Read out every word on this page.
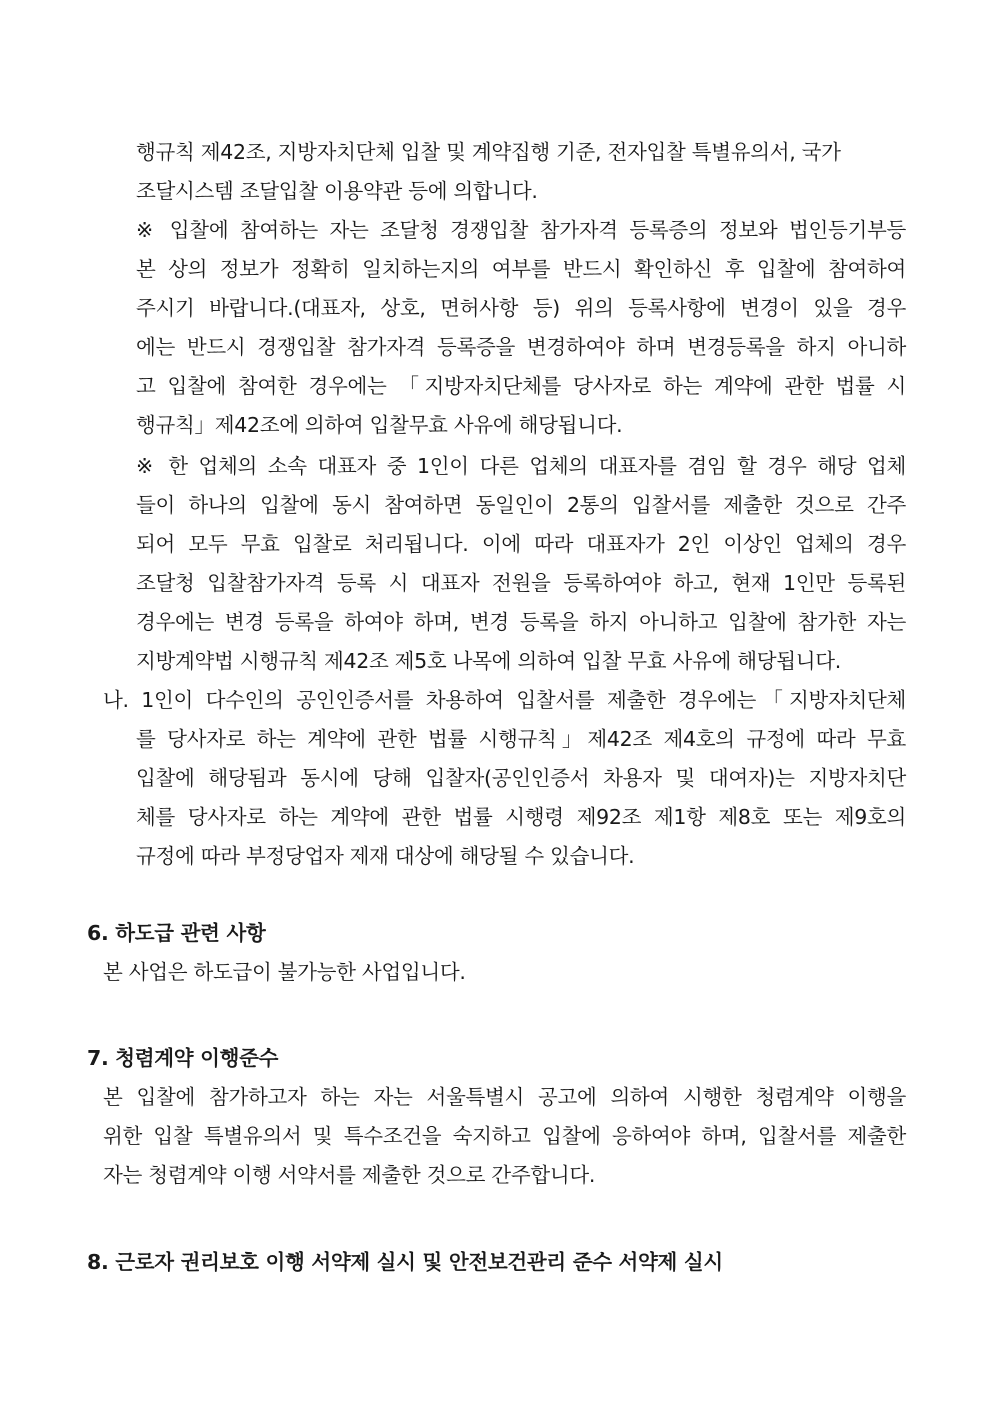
행규칙 제42조, 지방자치단체 입찰 및 계약집행 기준, 전자입찰 특별유의서, 국가
조달시스템 조달입찰 이용약관 등에 의합니다.
※ 입찰에 참여하는 자는 조달청 경쟁입찰 참가자격 등록증의 정보와 법인등기부등
본 상의 정보가 정확히 일치하는지의 여부를 반드시 확인하신 후 입찰에 참여하여
주시기 바랍니다.(대표자, 상호, 면허사항 등) 위의 등록사항에 변경이 있을 경우
에는 반드시 경쟁입찰 참가자격 등록증을 변경하여야 하며 변경등록을 하지 아니하
고 입찰에 참여한 경우에는 「지방자치단체를 당사자로 하는 계약에 관한 법률 시
행규칙」제42조에 의하여 입찰무효 사유에 해당됩니다.
※ 한 업체의 소속 대표자 중 1인이 다른 업체의 대표자를 겸임 할 경우 해당 업체
들이 하나의 입찰에 동시 참여하면 동일인이 2통의 입찰서를 제출한 것으로 간주
되어 모두 무효 입찰로 처리됩니다. 이에 따라 대표자가 2인 이상인 업체의 경우
조달청 입찰참가자격 등록 시 대표자 전원을 등록하여야 하고, 현재 1인만 등록된
경우에는 변경 등록을 하여야 하며, 변경 등록을 하지 아니하고 입찰에 참가한 자는
지방계약법 시행규칙 제42조 제5호 나목에 의하여 입찰 무효 사유에 해당됩니다.
나. 1인이 다수인의 공인인증서를 차용하여 입찰서를 제출한 경우에는「지방자치단체
를 당사자로 하는 계약에 관한 법률 시행규칙」제42조 제4호의 규정에 따라 무효
입찰에 해당됨과 동시에 당해 입찰자(공인인증서 차용자 및 대여자)는 지방자치단
체를 당사자로 하는 계약에 관한 법률 시행령 제92조 제1항 제8호 또는 제9호의
규정에 따라 부정당업자 제재 대상에 해당될 수 있습니다.
6. 하도급 관련 사항
본 사업은 하도급이 불가능한 사업입니다.
7. 청렴계약 이행준수
본 입찰에 참가하고자 하는 자는 서울특별시 공고에 의하여 시행한 청렴계약 이행을
위한 입찰 특별유의서 및 특수조건을 숙지하고 입찰에 응하여야 하며, 입찰서를 제출한
자는 청렴계약 이행 서약서를 제출한 것으로 간주합니다.
8. 근로자 권리보호 이행 서약제 실시 및 안전보건관리 준수 서약제 실시
